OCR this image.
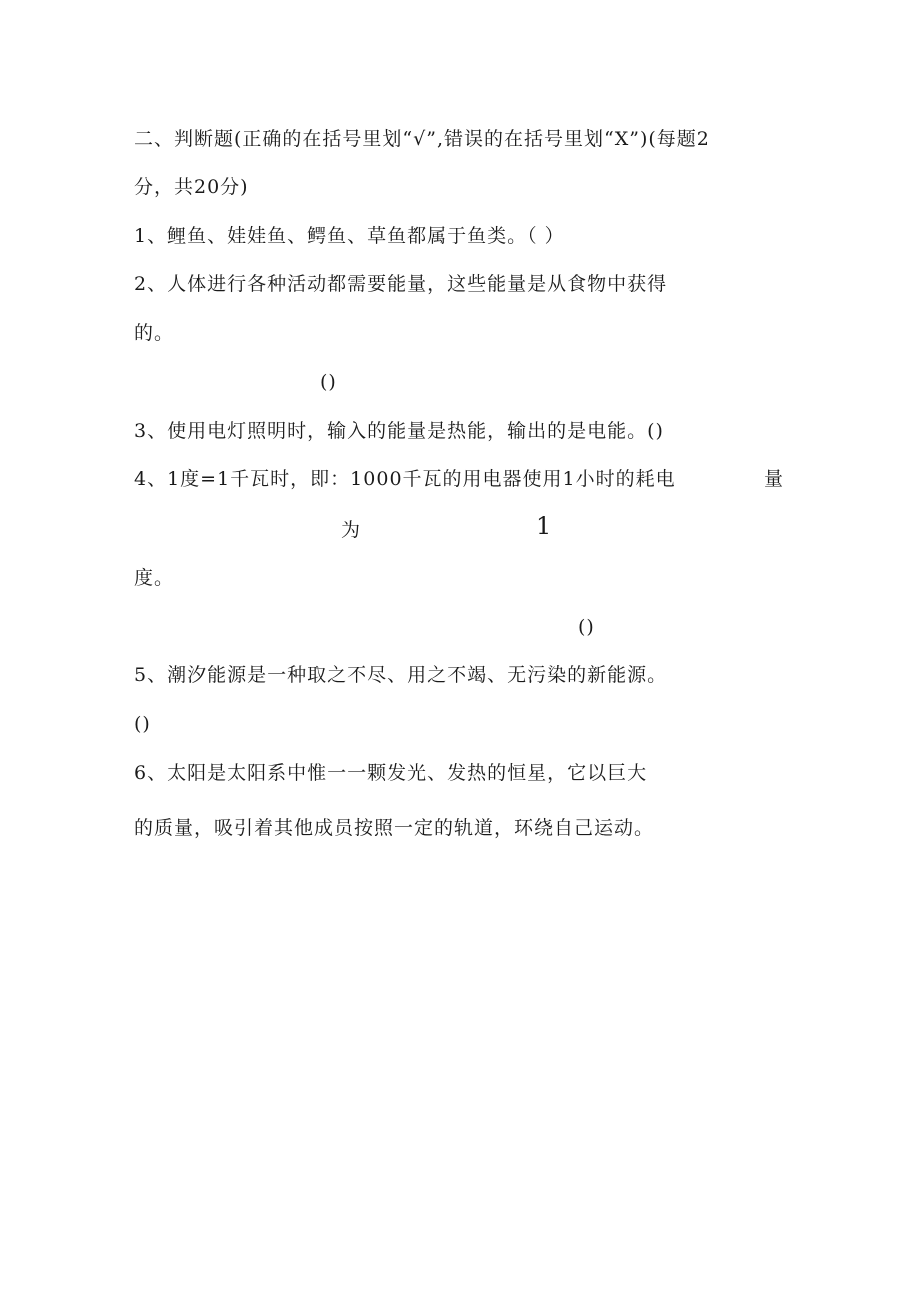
二、判断题(正确的在括号里划“√”,错误的在括号里划“X”)(每题2
分，共20分)
1、鲤鱼、娃娃鱼、鳄鱼、草鱼都属于鱼类。（ ）
2、人体进行各种活动都需要能量，这些能量是从食物中获得
的。
()
3、使用电灯照明时，输入的能量是热能，输出的是电能。()
4、1度=1千瓦时，即：1000千瓦的用电器使用1小时的耗电	量
为	1
度。
()
5、潮汐能源是一种取之不尽、用之不竭、无污染的新能源。
()
6、太阳是太阳系中惟一一颗发光、发热的恒星，它以巨大
的质量，吸引着其他成员按照一定的轨道，环绕自己运动。
